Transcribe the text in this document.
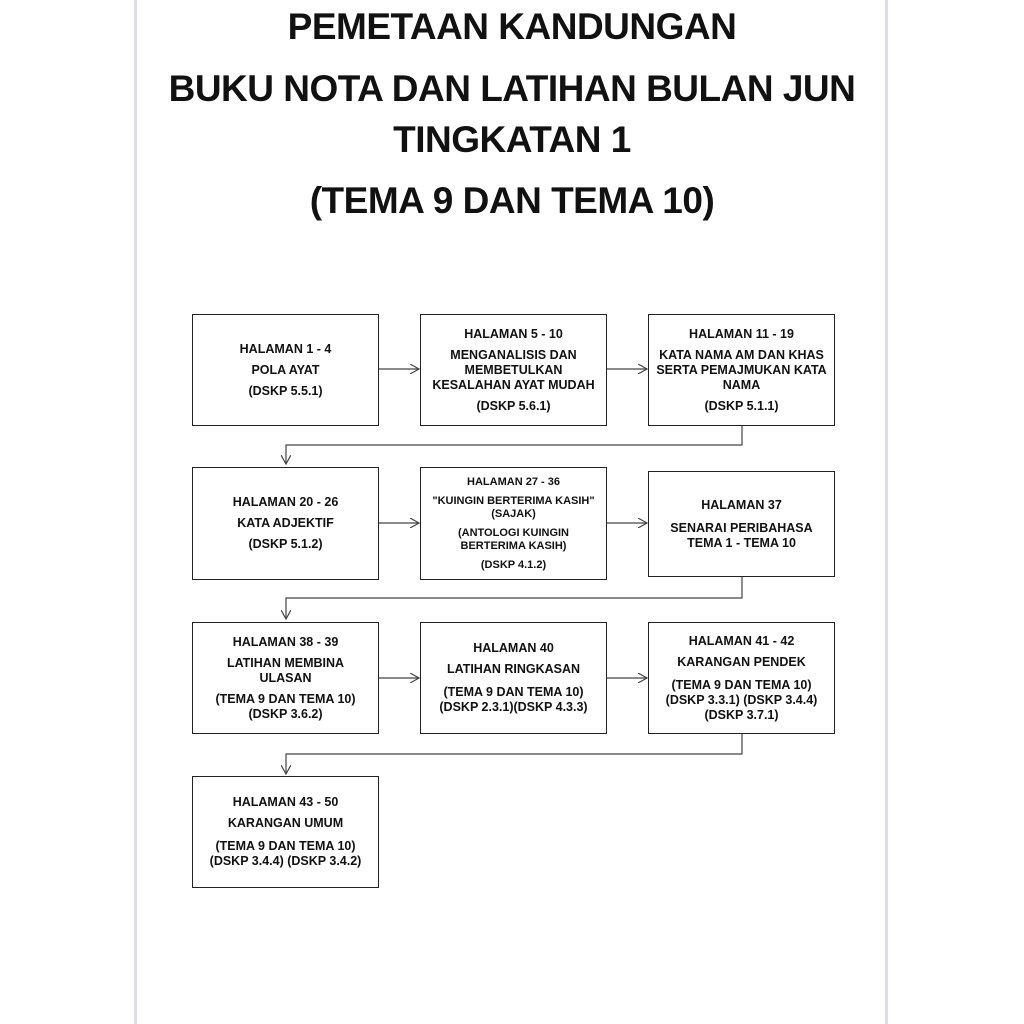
PEMETAAN KANDUNGAN
BUKU NOTA DAN LATIHAN BULAN JUN
TINGKATAN 1
(TEMA 9 DAN TEMA 10)
HALAMAN 1 - 4
POLA AYAT
(DSKP 5.5.1)
HALAMAN 5 - 10
MENGANALISIS DAN
MEMBETULKAN
KESALAHAN AYAT MUDAH
(DSKP 5.6.1)
HALAMAN 11 - 19
KATA NAMA AM DAN KHAS
SERTA PEMAJMUKAN KATA
NAMA
(DSKP 5.1.1)
HALAMAN 20 - 26
KATA ADJEKTIF
(DSKP 5.1.2)
HALAMAN 27 - 36
"KUINGIN BERTERIMA KASIH"
(SAJAK)
(ANTOLOGI KUINGIN
BERTERIMA KASIH)
(DSKP 4.1.2)
HALAMAN 37
SENARAI PERIBAHASA
TEMA 1 - TEMA 10
HALAMAN 38 - 39
LATIHAN MEMBINA
ULASAN
(TEMA 9 DAN TEMA 10)
(DSKP 3.6.2)
HALAMAN 40
LATIHAN RINGKASAN
(TEMA 9 DAN TEMA 10)
(DSKP 2.3.1)(DSKP 4.3.3)
HALAMAN 41 - 42
KARANGAN PENDEK
(TEMA 9 DAN TEMA 10)
(DSKP 3.3.1) (DSKP 3.4.4)
(DSKP 3.7.1)
HALAMAN 43 - 50
KARANGAN UMUM
(TEMA 9 DAN TEMA 10)
(DSKP 3.4.4) (DSKP 3.4.2)
